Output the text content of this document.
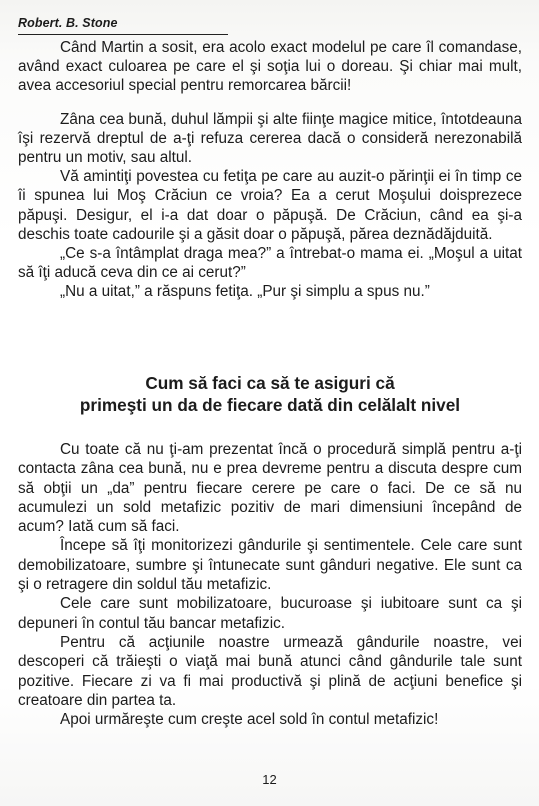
Robert. B. Stone

Când Martin a sosit, era acolo exact modelul pe care îl comandase, având exact culoarea pe care el şi soţia lui o doreau. Şi chiar mai mult, avea accesoriul special pentru remorcarea bărcii!

Zâna cea bună, duhul lămpii şi alte fiinţe magice mitice, întotdeauna îşi rezervă dreptul de a-ţi refuza cererea dacă o consideră nerezonabilă pentru un motiv, sau altul.

Vă amintiţi povestea cu fetiţa pe care au auzit-o părinţii ei în timp ce îi spunea lui Moş Crăciun ce vroia? Ea a cerut Moşului doisprezece păpuşi. Desigur, el i-a dat doar o păpuşă. De Crăciun, când ea şi-a deschis toate cadourile şi a găsit doar o păpuşă, părea deznădăjduită.

„Ce s-a întâmplat draga mea?” a întrebat-o mama ei. „Moşul a uitat să îţi aducă ceva din ce ai cerut?”

„Nu a uitat,” a răspuns fetiţa. „Pur şi simplu a spus nu.”

Cum să faci ca să te asiguri că
primeşti un da de fiecare dată din celălalt nivel

Cu toate că nu ţi-am prezentat încă o procedură simplă pentru a-ţi contacta zâna cea bună, nu e prea devreme pentru a discuta despre cum să obţii un „da” pentru fiecare cerere pe care o faci. De ce să nu acumulezi un sold metafizic pozitiv de mari dimensiuni începând de acum? Iată cum să faci.

Începe să îţi monitorizezi gândurile şi sentimentele. Cele care sunt demobilizatoare, sumbre şi întunecate sunt gânduri negative. Ele sunt ca şi o retragere din soldul tău metafizic.

Cele care sunt mobilizatoare, bucuroase şi iubitoare sunt ca şi depuneri în contul tău bancar metafizic.

Pentru că acţiunile noastre urmează gândurile noastre, vei descoperi că trăieşti o viaţă mai bună atunci când gândurile tale sunt pozitive. Fiecare zi va fi mai productivă şi plină de acţiuni benefice şi creatoare din partea ta.

Apoi urmăreşte cum creşte acel sold în contul metafizic!

12
